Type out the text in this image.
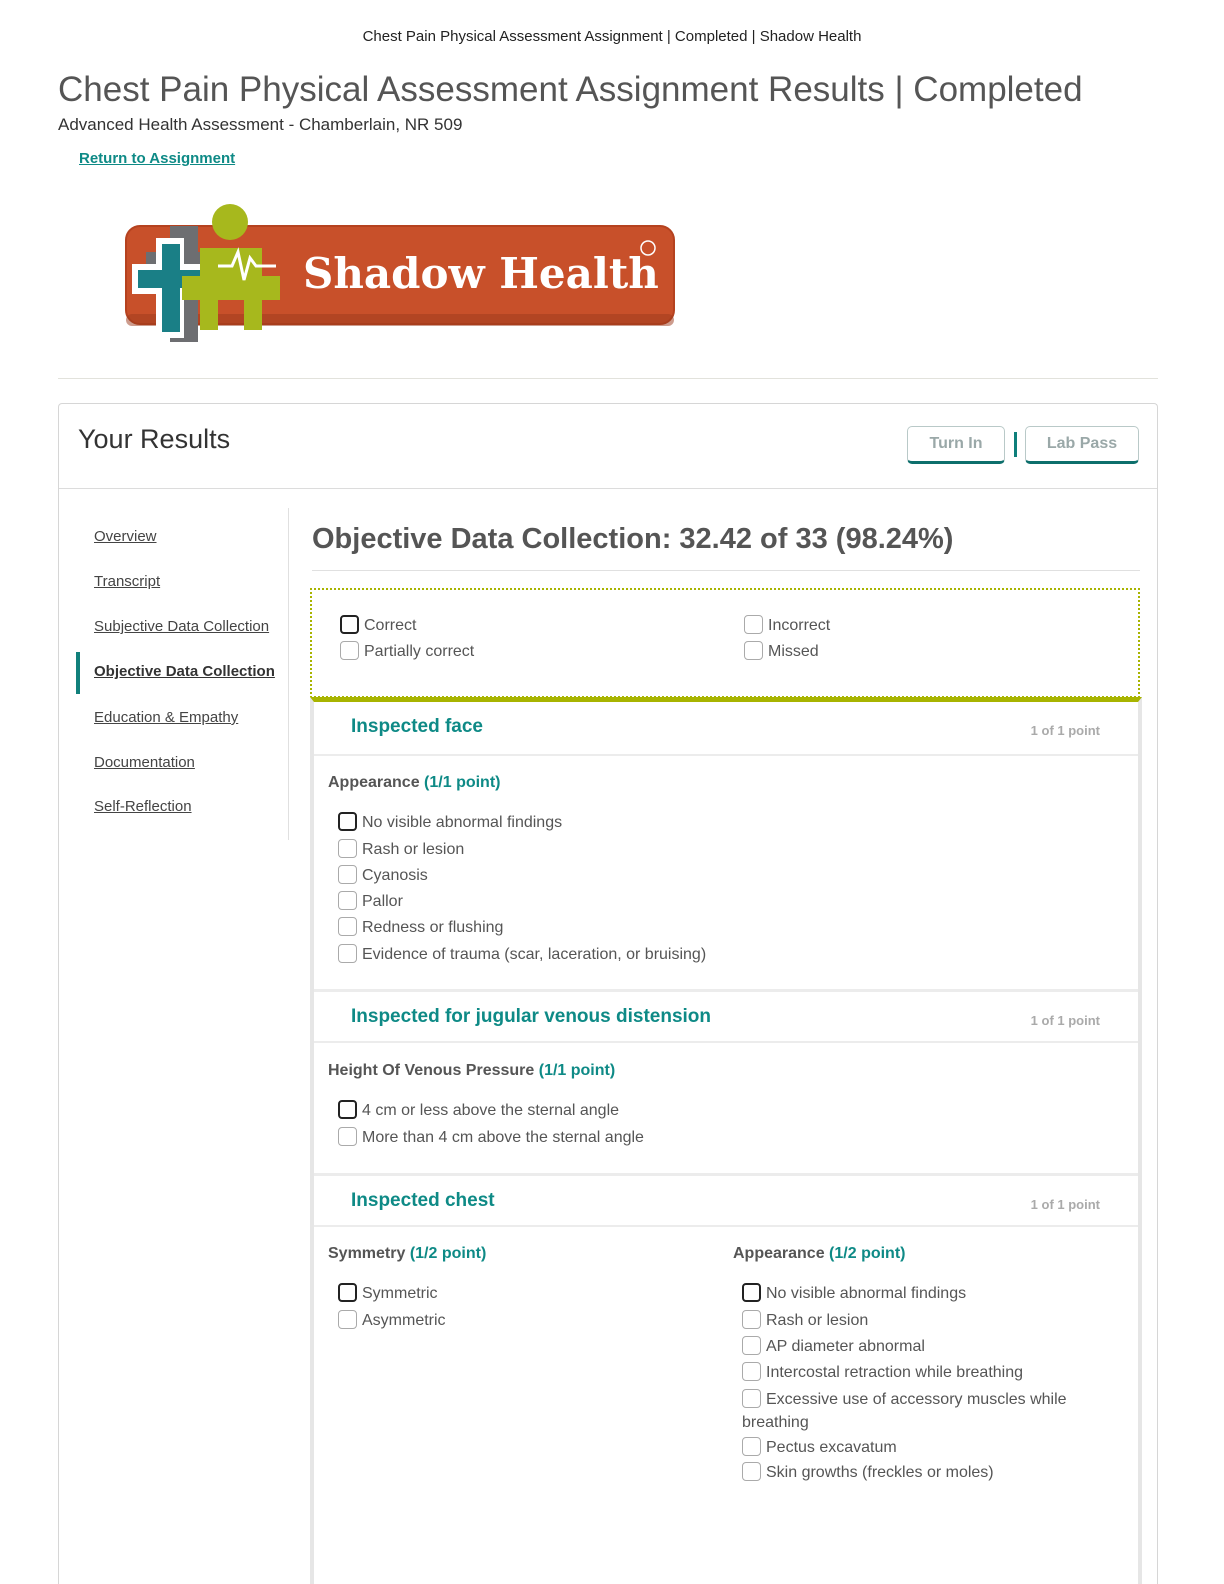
Chest Pain Physical Assessment Assignment | Completed | Shadow Health
Chest Pain Physical Assessment Assignment Results | Completed
Advanced Health Assessment - Chamberlain, NR 509
Return to Assignment
Shadow Health
Your Results	Turn In	Lab Pass
Overview
Transcript
Subjective Data Collection
Objective Data Collection
Education & Empathy
Documentation
Self-Reflection
Objective Data Collection: 32.42 of 33 (98.24%)
Correct	Incorrect
Partially correct	Missed
Inspected face	1 of 1 point
Appearance (1/1 point)
No visible abnormal findings
Rash or lesion
Cyanosis
Pallor
Redness or flushing
Evidence of trauma (scar, laceration, or bruising)
Inspected for jugular venous distension	1 of 1 point
Height Of Venous Pressure (1/1 point)
4 cm or less above the sternal angle
More than 4 cm above the sternal angle
Inspected chest	1 of 1 point
Symmetry (1/2 point)
Symmetric
Asymmetric
Appearance (1/2 point)
No visible abnormal findings
Rash or lesion
AP diameter abnormal
Intercostal retraction while breathing
Excessive use of accessory muscles while breathing
Pectus excavatum
Skin growths (freckles or moles)
